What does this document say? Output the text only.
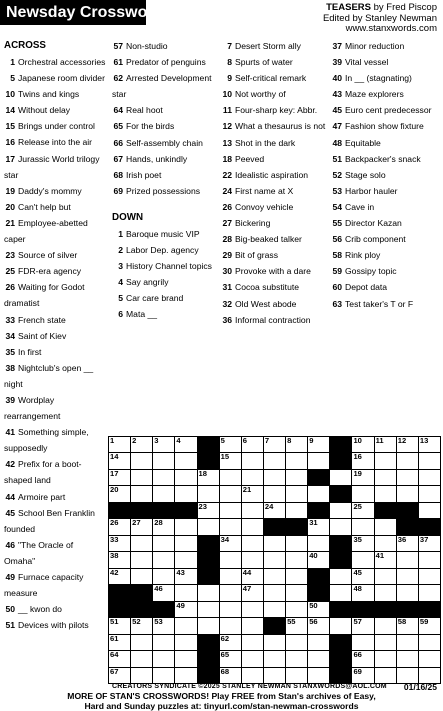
Newsday Crossword	TEASERS by Fred Piscop
Edited by Stanley Newman
www.stanxwords.com
ACROSS
1 Orchestral accessories
5 Japanese room divider
10 Twins and kings
14 Without delay
15 Brings under control
16 Release into the air
17 Jurassic World trilogy star
19 Daddy's mommy
20 Can't help but
21 Employee-abetted caper
23 Source of silver
25 FDR-era agency
26 Waiting for Godot dramatist
33 French state
34 Saint of Kiev
35 In first
38 Nightclub's open __ night
39 Wordplay rearrangement
41 Something simple, supposedly
42 Prefix for a boot-shaped land
44 Armoire part
45 School Ben Franklin founded
46 "The Oracle of Omaha"
49 Furnace capacity measure
50 __ kwon do
51 Devices with pilots
57 Non-studio
61 Predator of penguins
62 Arrested Development star
64 Real hoot
65 For the birds
66 Self-assembly chain
67 Hands, unkindly
68 Irish poet
69 Prized possessions
DOWN
1 Baroque music VIP
2 Labor Dep. agency
3 History Channel topics
4 Say angrily
5 Car care brand
6 Mata __
7 Desert Storm ally
8 Spurts of water
9 Self-critical remark
10 Not worthy of
11 Four-sharp key: Abbr.
12 What a thesaurus is not
13 Shot in the dark
18 Peeved
22 Idealistic aspiration
24 First name at X
26 Convoy vehicle
27 Bickering
28 Big-beaked talker
29 Bit of grass
30 Provoke with a dare
31 Cocoa substitute
32 Old West abode
36 Informal contraction
37 Minor reduction
39 Vital vessel
40 In __ (stagnating)
43 Maze explorers
45 Euro cent predecessor
47 Fashion show fixture
48 Equitable
51 Backpacker's snack
52 Stage solo
53 Harbor hauler
54 Cave in
55 Director Kazan
56 Crib component
58 Rink ploy
59 Gossipy topic
60 Depot data
63 Test taker's T or F
1 2 3 4	5 6 7 8 9	10 11 12 13
14	15	16
17	18	19
20	21
23	24	25
26 27 28	31
33	34	35	36 37
38	40	41
42	43	44	45
46	47	48
49	50
51 52 53	55 56	57	58 59
61	62
64	65	66
67	68	69
CREATORS SYNDICATE ©2025 STANLEY NEWMAN STANXWORDS@AOL.COM 01/16/25
MORE OF STAN'S CROSSWORDS! Play FREE from Stan's archives of Easy,
Hard and Sunday puzzles at: tinyurl.com/stan-newman-crosswords
